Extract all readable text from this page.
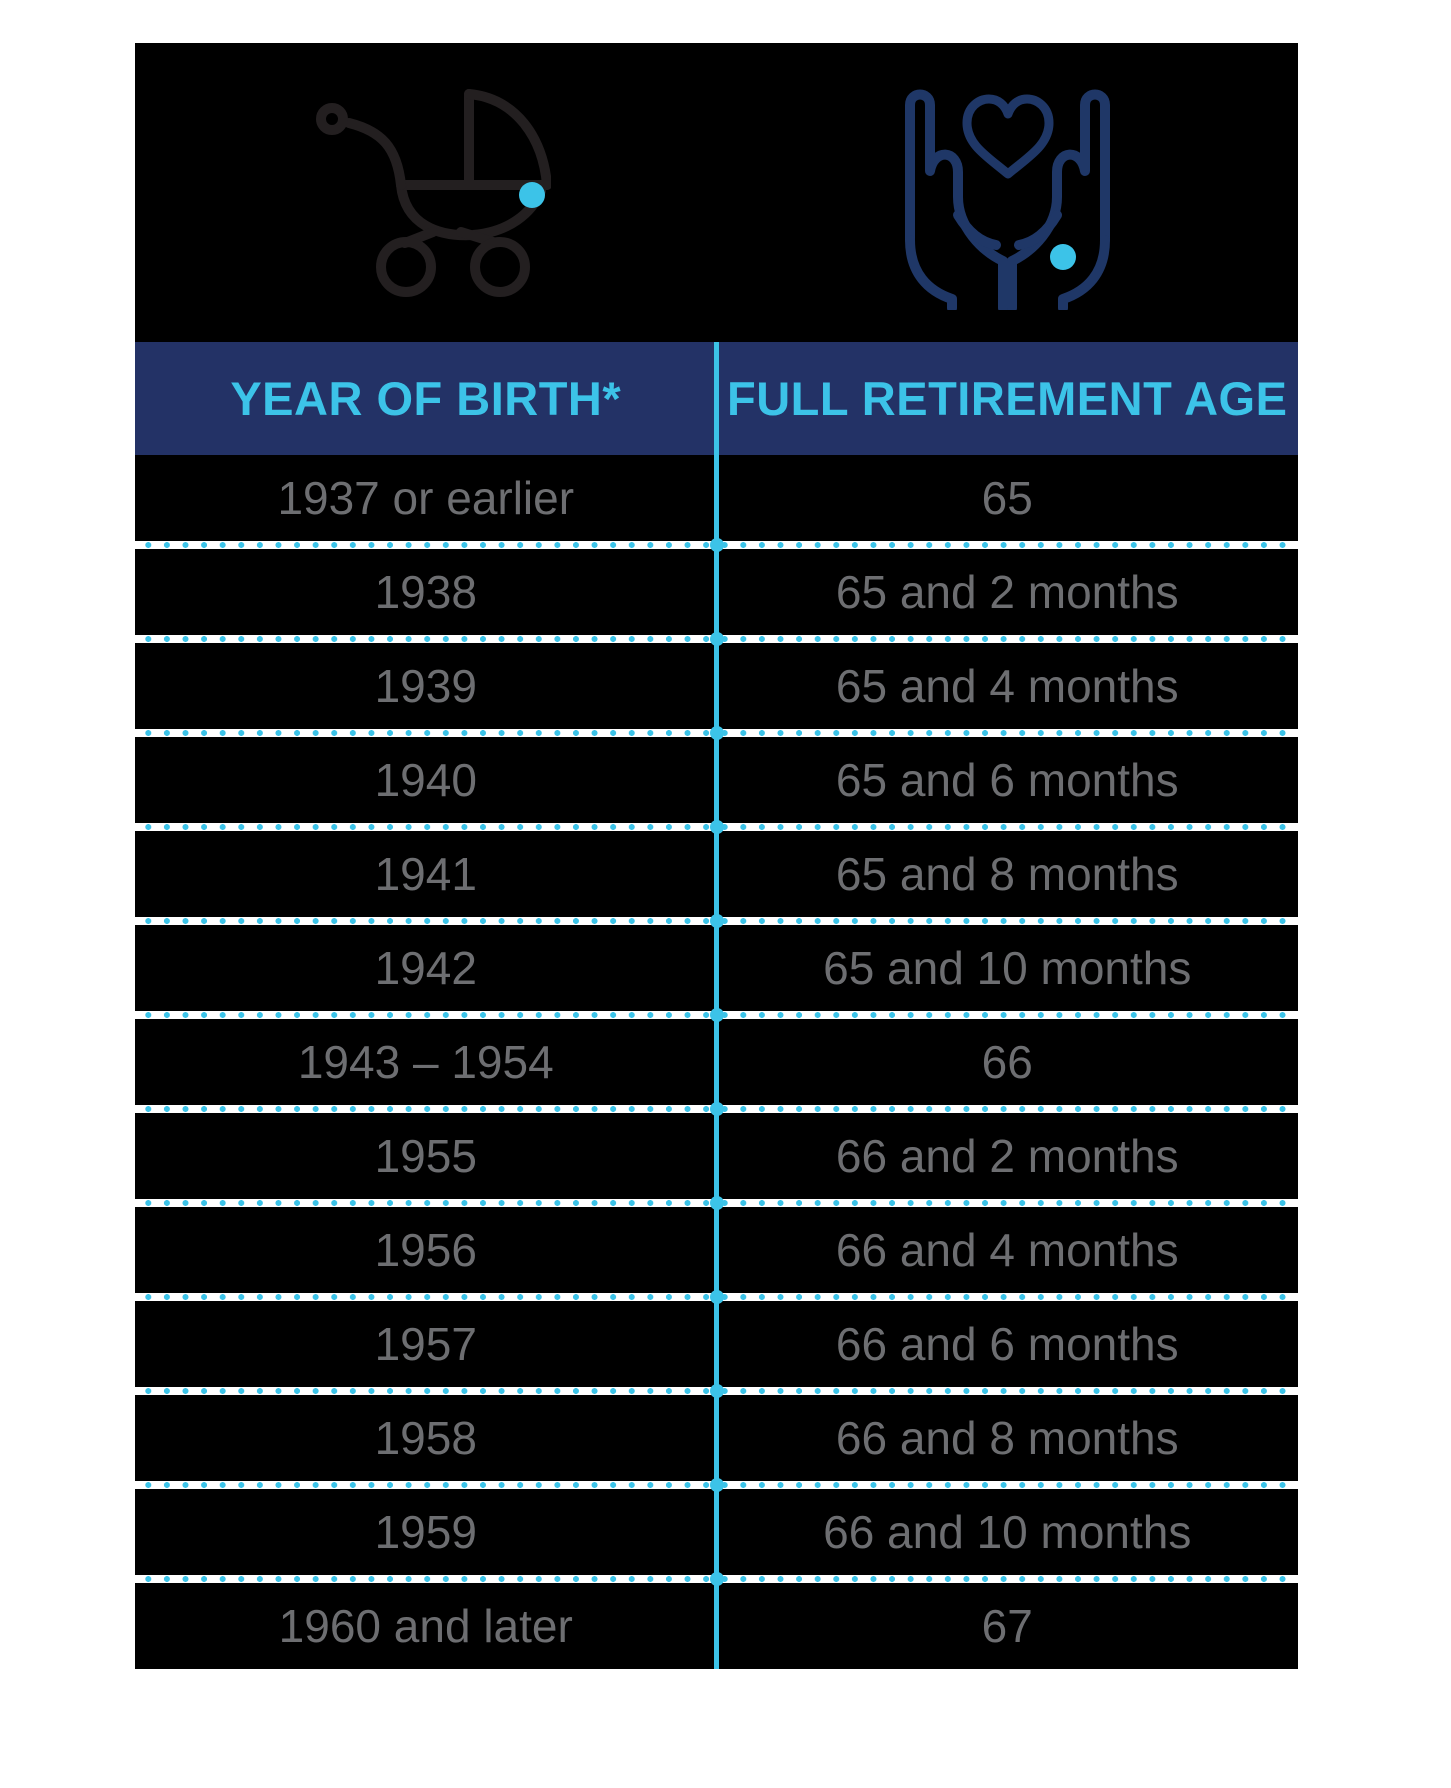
YEAR OF BIRTH*	FULL RETIREMENT AGE
1937 or earlier	65
1938	65 and 2 months
1939	65 and 4 months
1940	65 and 6 months
1941	65 and 8 months
1942	65 and 10 months
1943 – 1954	66
1955	66 and 2 months
1956	66 and 4 months
1957	66 and 6 months
1958	66 and 8 months
1959	66 and 10 months
1960 and later	67
